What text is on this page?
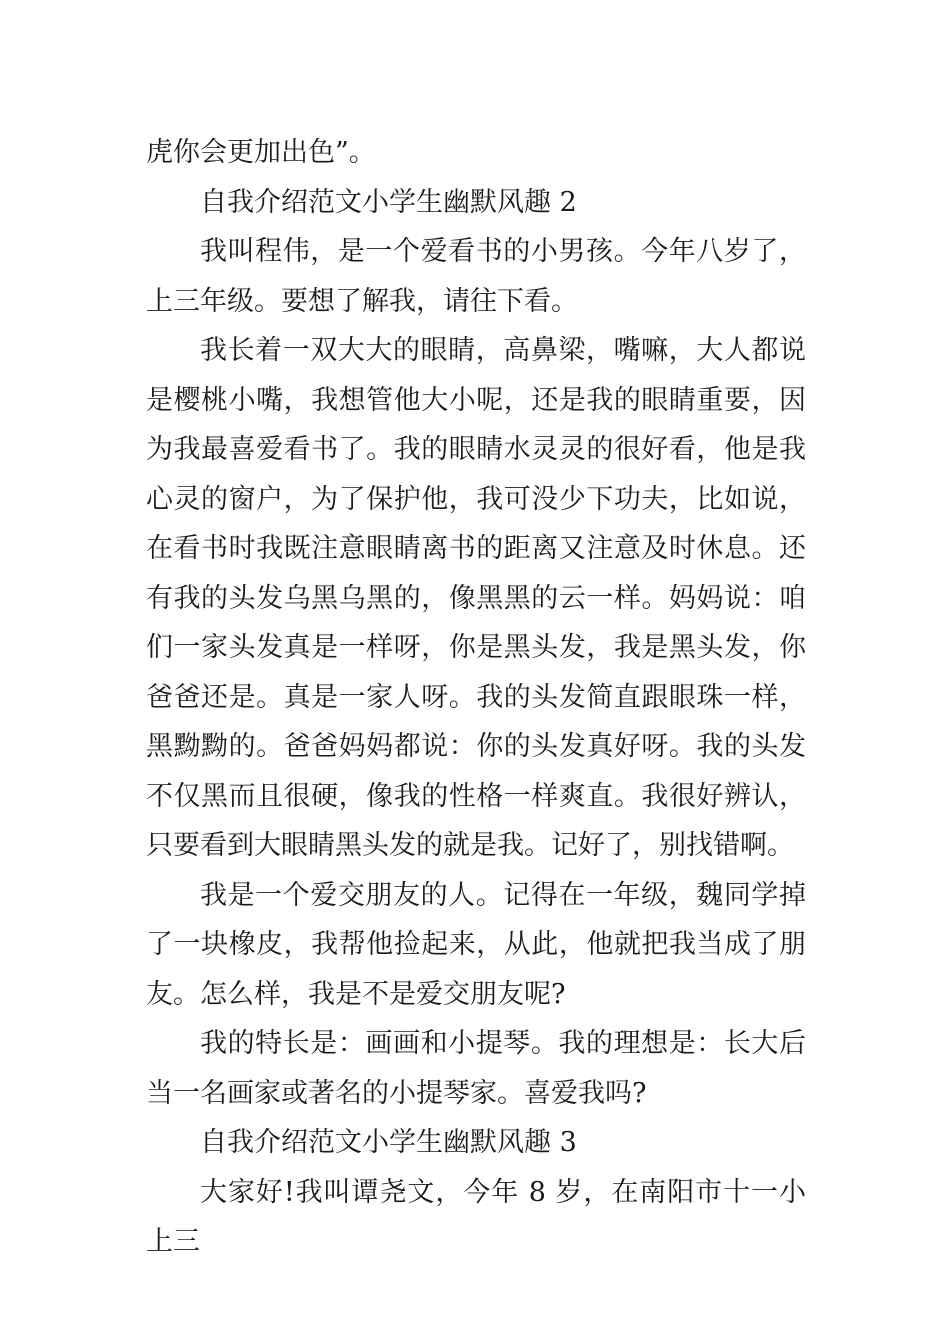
虎你会更加出色”。

自我介绍范文小学生幽默风趣 2

我叫程伟，是一个爱看书的小男孩。今年八岁了，上三年级。要想了解我，请往下看。

我长着一双大大的眼睛，高鼻梁，嘴嘛，大人都说是樱桃小嘴，我想管他大小呢，还是我的眼睛重要，因为我最喜爱看书了。我的眼睛水灵灵的很好看，他是我心灵的窗户，为了保护他，我可没少下功夫，比如说，在看书时我既注意眼睛离书的距离又注意及时休息。还有我的头发乌黑乌黑的，像黑黑的云一样。妈妈说：咱们一家头发真是一样呀，你是黑头发，我是黑头发，你爸爸还是。真是一家人呀。我的头发简直跟眼珠一样，黑黝黝的。爸爸妈妈都说：你的头发真好呀。我的头发不仅黑而且很硬，像我的性格一样爽直。我很好辨认，只要看到大眼睛黑头发的就是我。记好了，别找错啊。

我是一个爱交朋友的人。记得在一年级，魏同学掉了一块橡皮，我帮他捡起来，从此，他就把我当成了朋友。怎么样，我是不是爱交朋友呢?

我的特长是：画画和小提琴。我的理想是：长大后当一名画家或著名的小提琴家。喜爱我吗?

自我介绍范文小学生幽默风趣 3

大家好!我叫谭尧文，今年 8 岁，在南阳市十一小上三
